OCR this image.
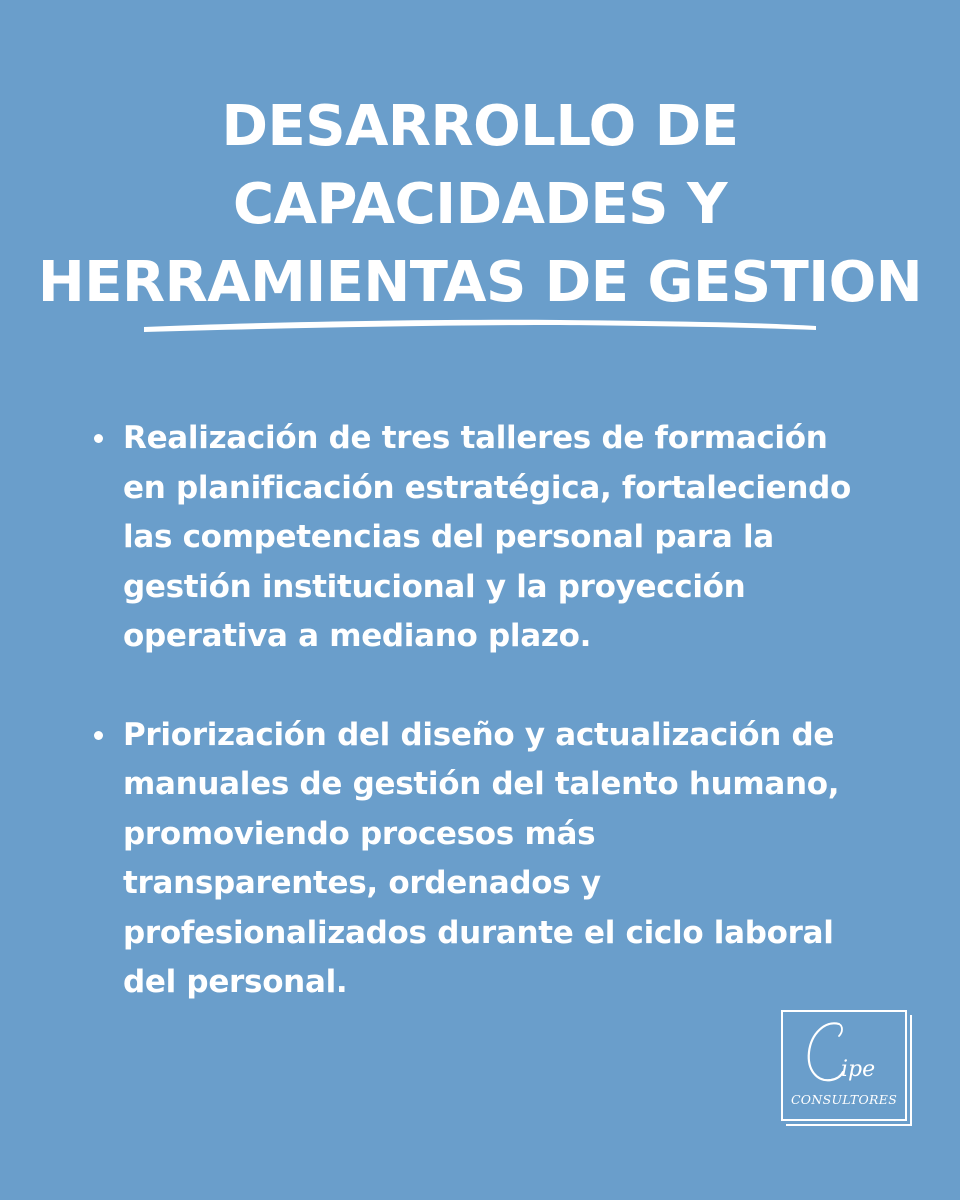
DESARROLLO DE
CAPACIDADES Y
HERRAMIENTAS DE GESTION
Realización de tres talleres de formación
en planificación estratégica, fortaleciendo
las competencias del personal para la
gestión institucional y la proyección
operativa a mediano plazo.
Priorización del diseño y actualización de
manuales de gestión del talento humano,
promoviendo procesos más
transparentes, ordenados y
profesionalizados durante el ciclo laboral
del personal.
ipe
CONSULTORES
